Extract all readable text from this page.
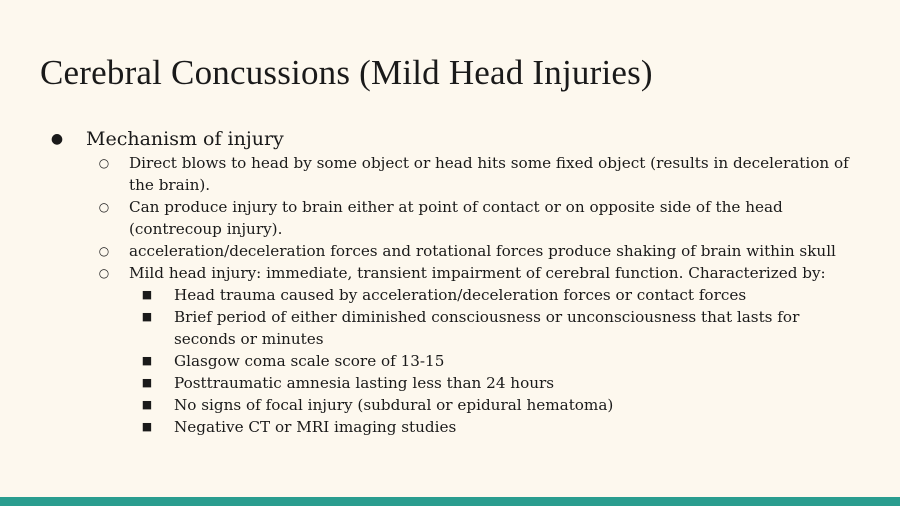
Cerebral Concussions (Mild Head Injuries)
● Mechanism of injury
○	Direct blows to head by some object or head hits some fixed object (results in deceleration of the brain).
○	Can produce injury to brain either at point of contact or on opposite side of the head (contrecoup injury).
○	acceleration/deceleration forces and rotational forces produce shaking of brain within skull
○	Mild head injury: immediate, transient impairment of cerebral function. Characterized by:
■	Head trauma caused by acceleration/deceleration forces or contact forces
■	Brief period of either diminished consciousness or unconsciousness that lasts for seconds or minutes
■	Glasgow coma scale score of 13-15
■	Posttraumatic amnesia lasting less than 24 hours
■	No signs of focal injury (subdural or epidural hematoma)
■	Negative CT or MRI imaging studies
